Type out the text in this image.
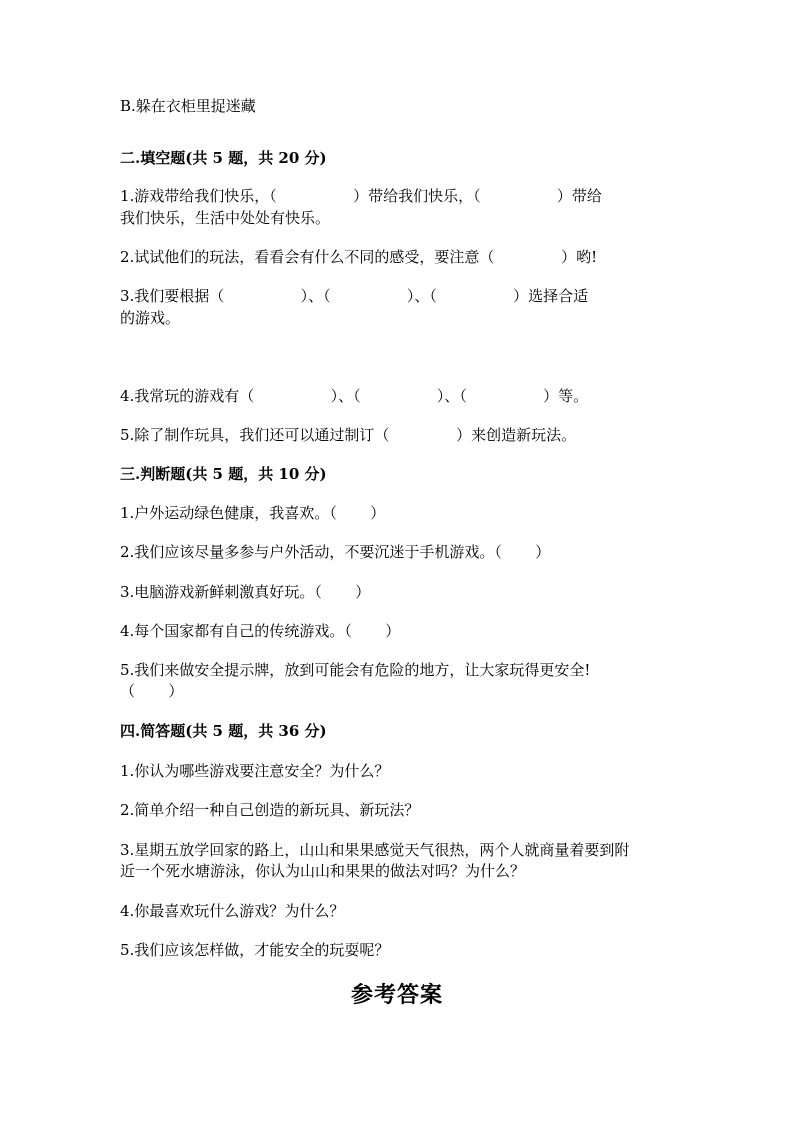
B.躲在衣柜里捉迷藏
二.填空题(共 5 题，共 20 分)
1.游戏带给我们快乐，（                ）带给我们快乐，（                ）带给
我们快乐，生活中处处有快乐。
2.试试他们的玩法，看看会有什么不同的感受，要注意（              ）哟!
3.我们要根据（                ）、（                ）、（                ）选择合适
的游戏。
4.我常玩的游戏有（                ）、（                ）、（                ）等。
5.除了制作玩具，我们还可以通过制订（              ）来创造新玩法。
三.判断题(共 5 题，共 10 分)
1.户外运动绿色健康，我喜欢。（       ）
2.我们应该尽量多参与户外活动，不要沉迷于手机游戏。（       ）
3.电脑游戏新鲜刺激真好玩。（       ）
4.每个国家都有自己的传统游戏。（       ）
5.我们来做安全提示牌，放到可能会有危险的地方，让大家玩得更安全!
（       ）
四.简答题(共 5 题，共 36 分)
1.你认为哪些游戏要注意安全？为什么？
2.简单介绍一种自己创造的新玩具、新玩法？
3.星期五放学回家的路上，山山和果果感觉天气很热，两个人就商量着要到附
近一个死水塘游泳，你认为山山和果果的做法对吗？为什么？
4.你最喜欢玩什么游戏？为什么？
5.我们应该怎样做，才能安全的玩耍呢？
参考答案
